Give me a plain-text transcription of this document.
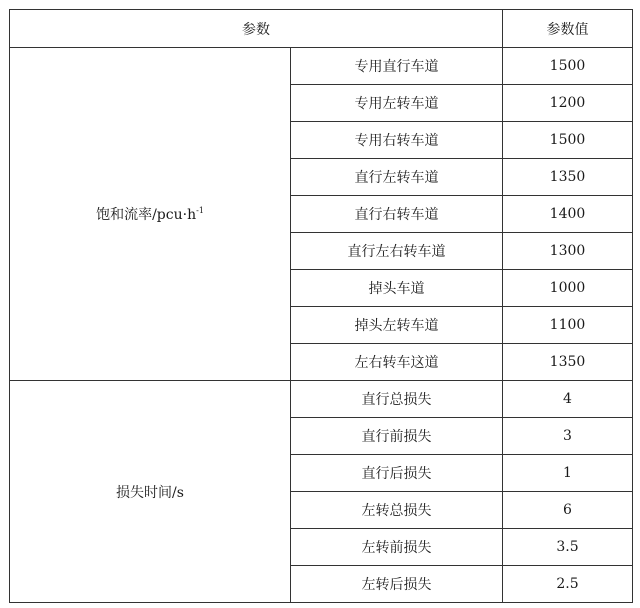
参数		参数值
饱和流率$/pcu\cdot h^{-1}$	专用直行车道	1500
	专用左转车道	1200
	专用右转车道	1500
	直行左转车道	1350
	直行右转车道	1400
	直行左右转车道	1300
	掉头车道	1000
	掉头左转车道	1100
	左右转车这道	1350
损失时间/s	直行总损失	4
	直行前损失	3
	直行后损失	1
	左转总损失	6
	左转前损失	3.5
	左转后损失	2.5
